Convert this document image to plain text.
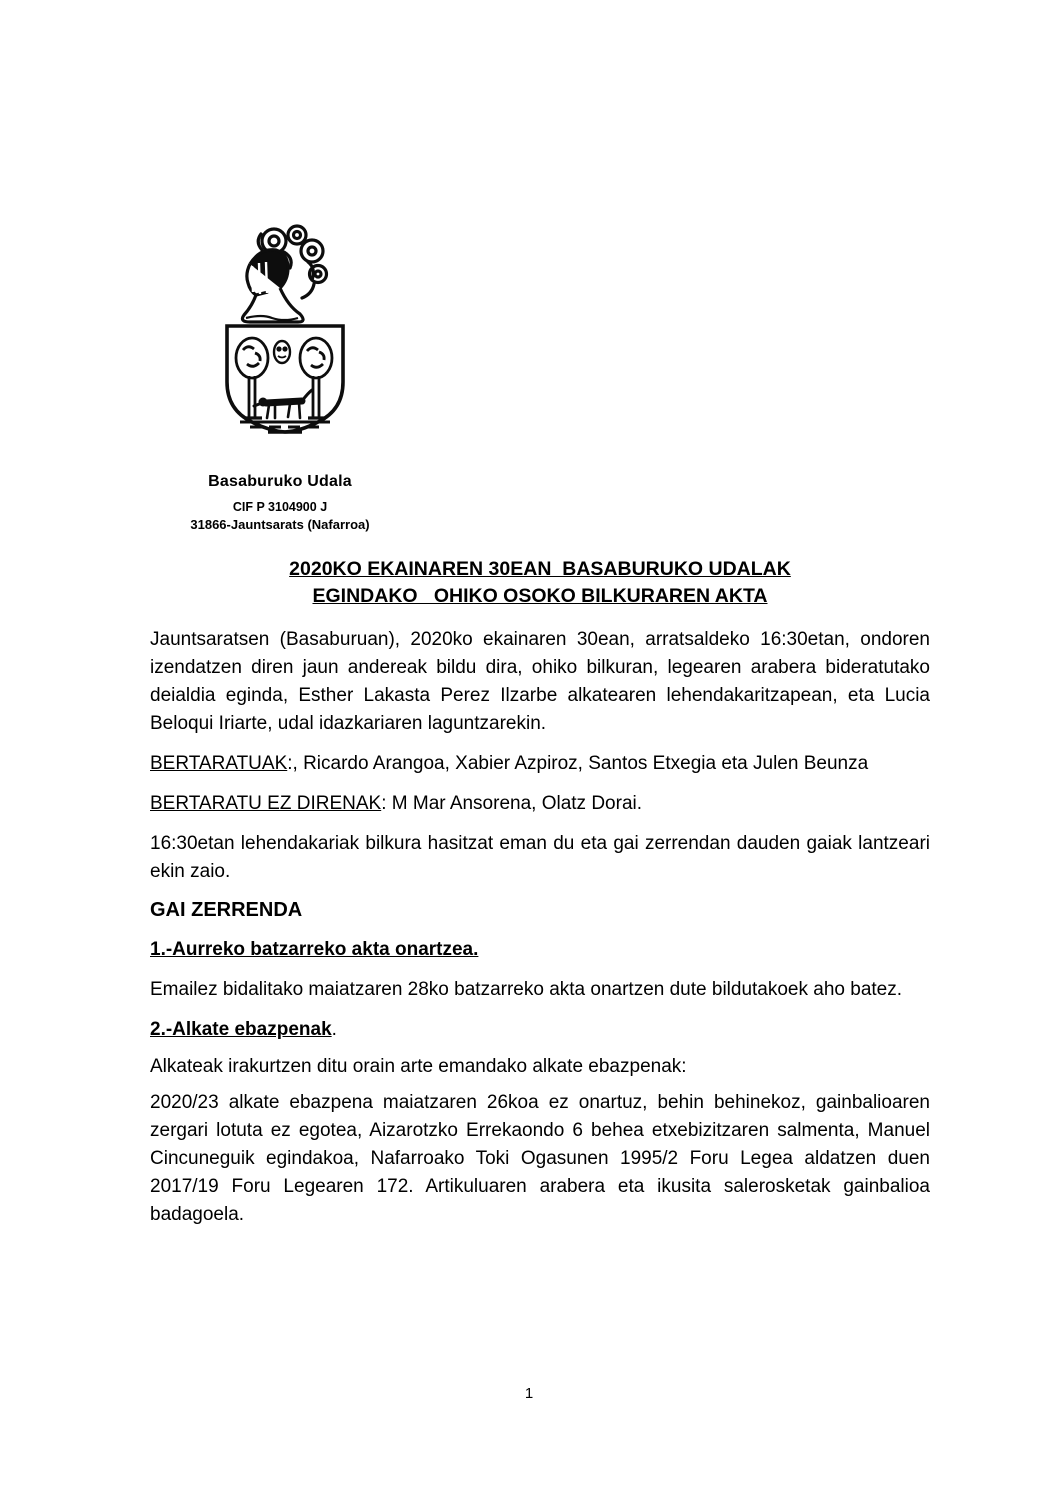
Basaburuko Udala
CIF P 3104900 J
31866-Jauntsarats (Nafarroa)
2020KO EKAINAREN 30EAN  BASABURUKO UDALAK
EGINDAKO   OHIKO OSOKO BILKURAREN AKTA

Jauntsaratsen (Basaburuan), 2020ko ekainaren 30ean, arratsaldeko 16:30etan, ondoren izendatzen diren jaun andereak bildu dira, ohiko bilkuran, legearen arabera bideratutako deialdia eginda, Esther Lakasta Perez Ilzarbe alkatearen lehendakaritzapean, eta Lucia Beloqui Iriarte, udal idazkariaren laguntzarekin.

BERTARATUAK:, Ricardo Arangoa, Xabier Azpiroz, Santos Etxegia eta Julen Beunza

BERTARATU EZ DIRENAK: M Mar Ansorena, Olatz Dorai.

16:30etan lehendakariak bilkura hasitzat eman du eta gai zerrendan dauden gaiak lantzeari ekin zaio.

GAI ZERRENDA

1.-Aurreko batzarreko akta onartzea.

Emailez bidalitako maiatzaren 28ko batzarreko akta onartzen dute bildutakoek aho batez.

2.-Alkate ebazpenak.

Alkateak irakurtzen ditu orain arte emandako alkate ebazpenak:

2020/23 alkate ebazpena maiatzaren 26koa ez onartuz, behin behinekoz, gainbalioaren zergari lotuta ez egotea, Aizarotzko Errekaondo 6 behea etxebizitzaren salmenta, Manuel Cincuneguik egindakoa, Nafarroako Toki Ogasunen 1995/2 Foru Legea aldatzen duen 2017/19 Foru Legearen 172. Artikuluaren arabera eta ikusita salerosketak gainbalioa badagoela.

1
